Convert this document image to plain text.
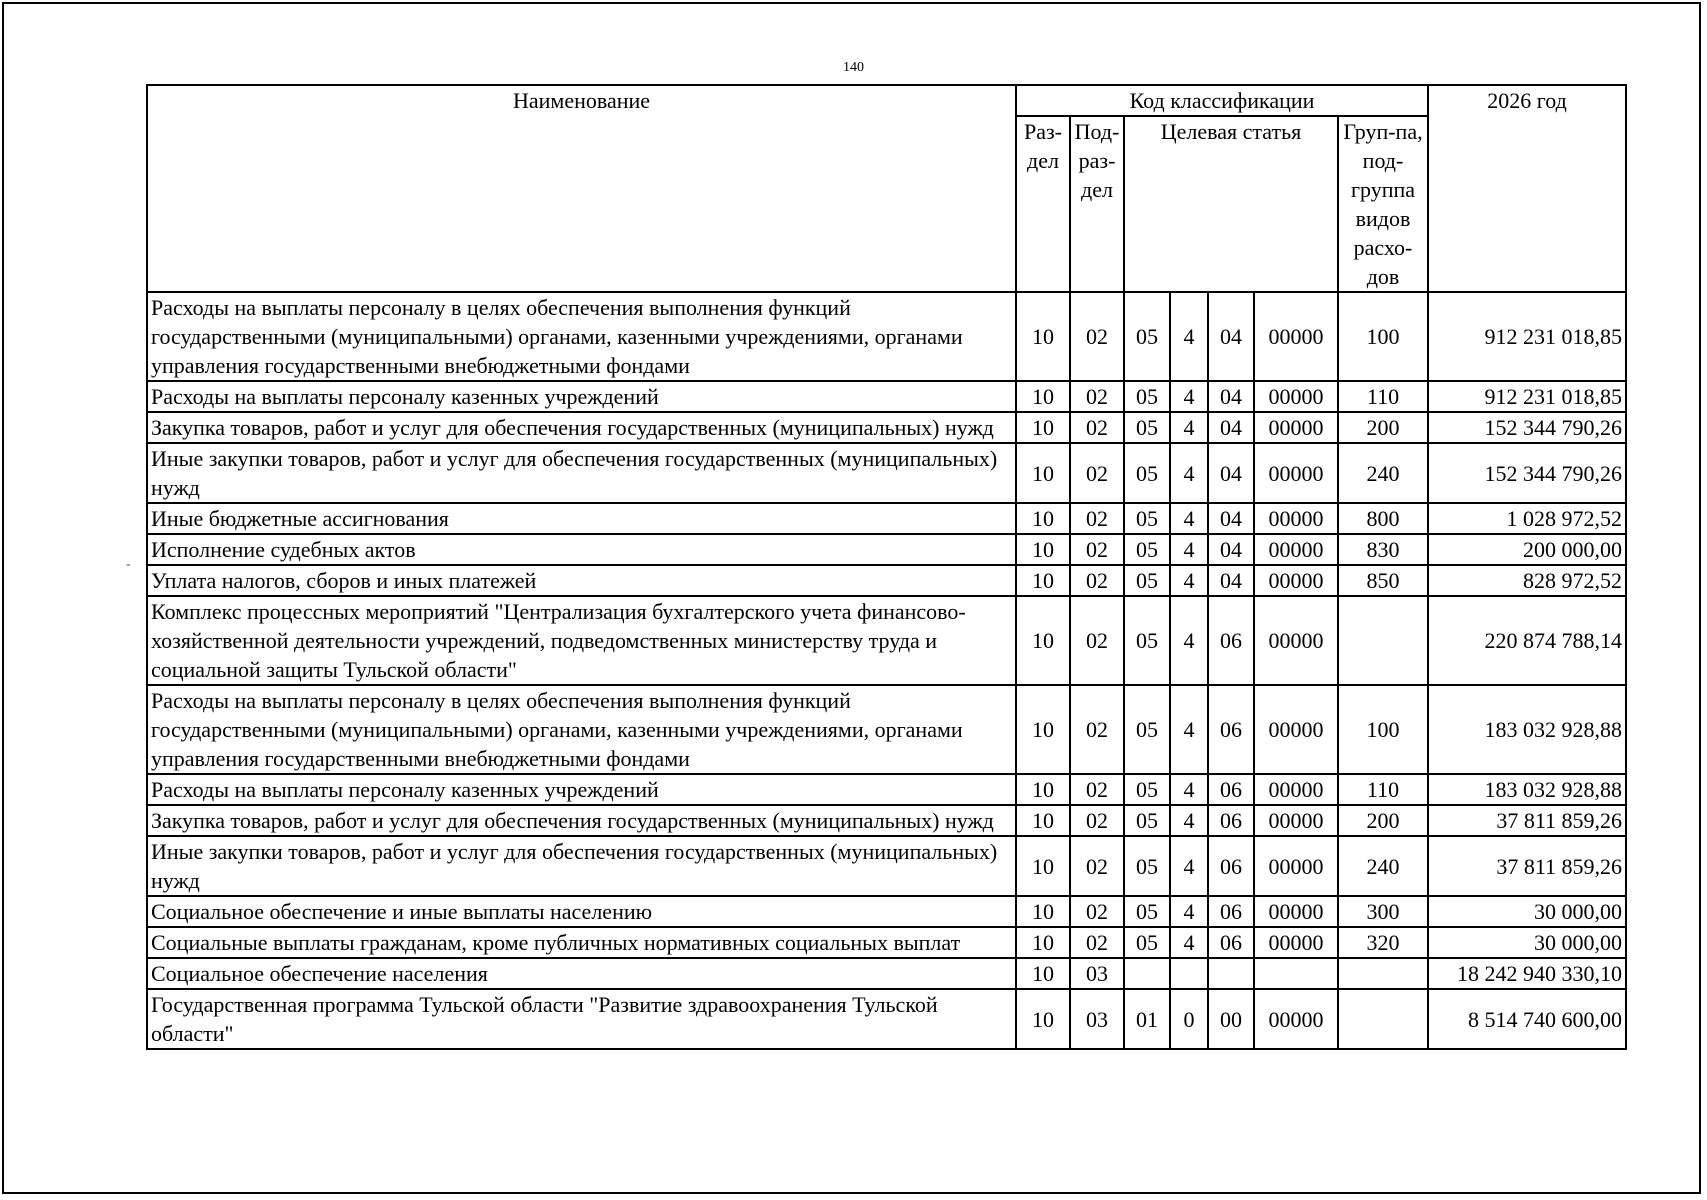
140
-
Наименование	Код классификации							2026 год
	Раз-дел	Под-раз-дел	Целевая статья				Груп-па, под-группа видов расхо-дов	
Расходы на выплаты персоналу в целях обеспечения выполнения функций государственными (муниципальными) органами, казенными учреждениями, органами управления государственными внебюджетными фондами	10	02	05	4	04	00000	100	912 231 018,85
Расходы на выплаты персоналу казенных учреждений	10	02	05	4	04	00000	110	912 231 018,85
Закупка товаров, работ и услуг для обеспечения государственных (муниципальных) нужд	10	02	05	4	04	00000	200	152 344 790,26
Иные закупки товаров, работ и услуг для обеспечения государственных (муниципальных) нужд	10	02	05	4	04	00000	240	152 344 790,26
Иные бюджетные ассигнования	10	02	05	4	04	00000	800	1 028 972,52
Исполнение судебных актов	10	02	05	4	04	00000	830	200 000,00
Уплата налогов, сборов и иных платежей	10	02	05	4	04	00000	850	828 972,52
Комплекс процессных мероприятий "Централизация бухгалтерского учета финансово-хозяйственной деятельности учреждений, подведомственных министерству труда и социальной защиты Тульской области"	10	02	05	4	06	00000		220 874 788,14
Расходы на выплаты персоналу в целях обеспечения выполнения функций государственными (муниципальными) органами, казенными учреждениями, органами управления государственными внебюджетными фондами	10	02	05	4	06	00000	100	183 032 928,88
Расходы на выплаты персоналу казенных учреждений	10	02	05	4	06	00000	110	183 032 928,88
Закупка товаров, работ и услуг для обеспечения государственных (муниципальных) нужд	10	02	05	4	06	00000	200	37 811 859,26
Иные закупки товаров, работ и услуг для обеспечения государственных (муниципальных) нужд	10	02	05	4	06	00000	240	37 811 859,26
Социальное обеспечение и иные выплаты населению	10	02	05	4	06	00000	300	30 000,00
Социальные выплаты гражданам, кроме публичных нормативных социальных выплат	10	02	05	4	06	00000	320	30 000,00
Социальное обеспечение населения	10	03						18 242 940 330,10
Государственная программа Тульской области "Развитие здравоохранения Тульской области"	10	03	01	0	00	00000		8 514 740 600,00
